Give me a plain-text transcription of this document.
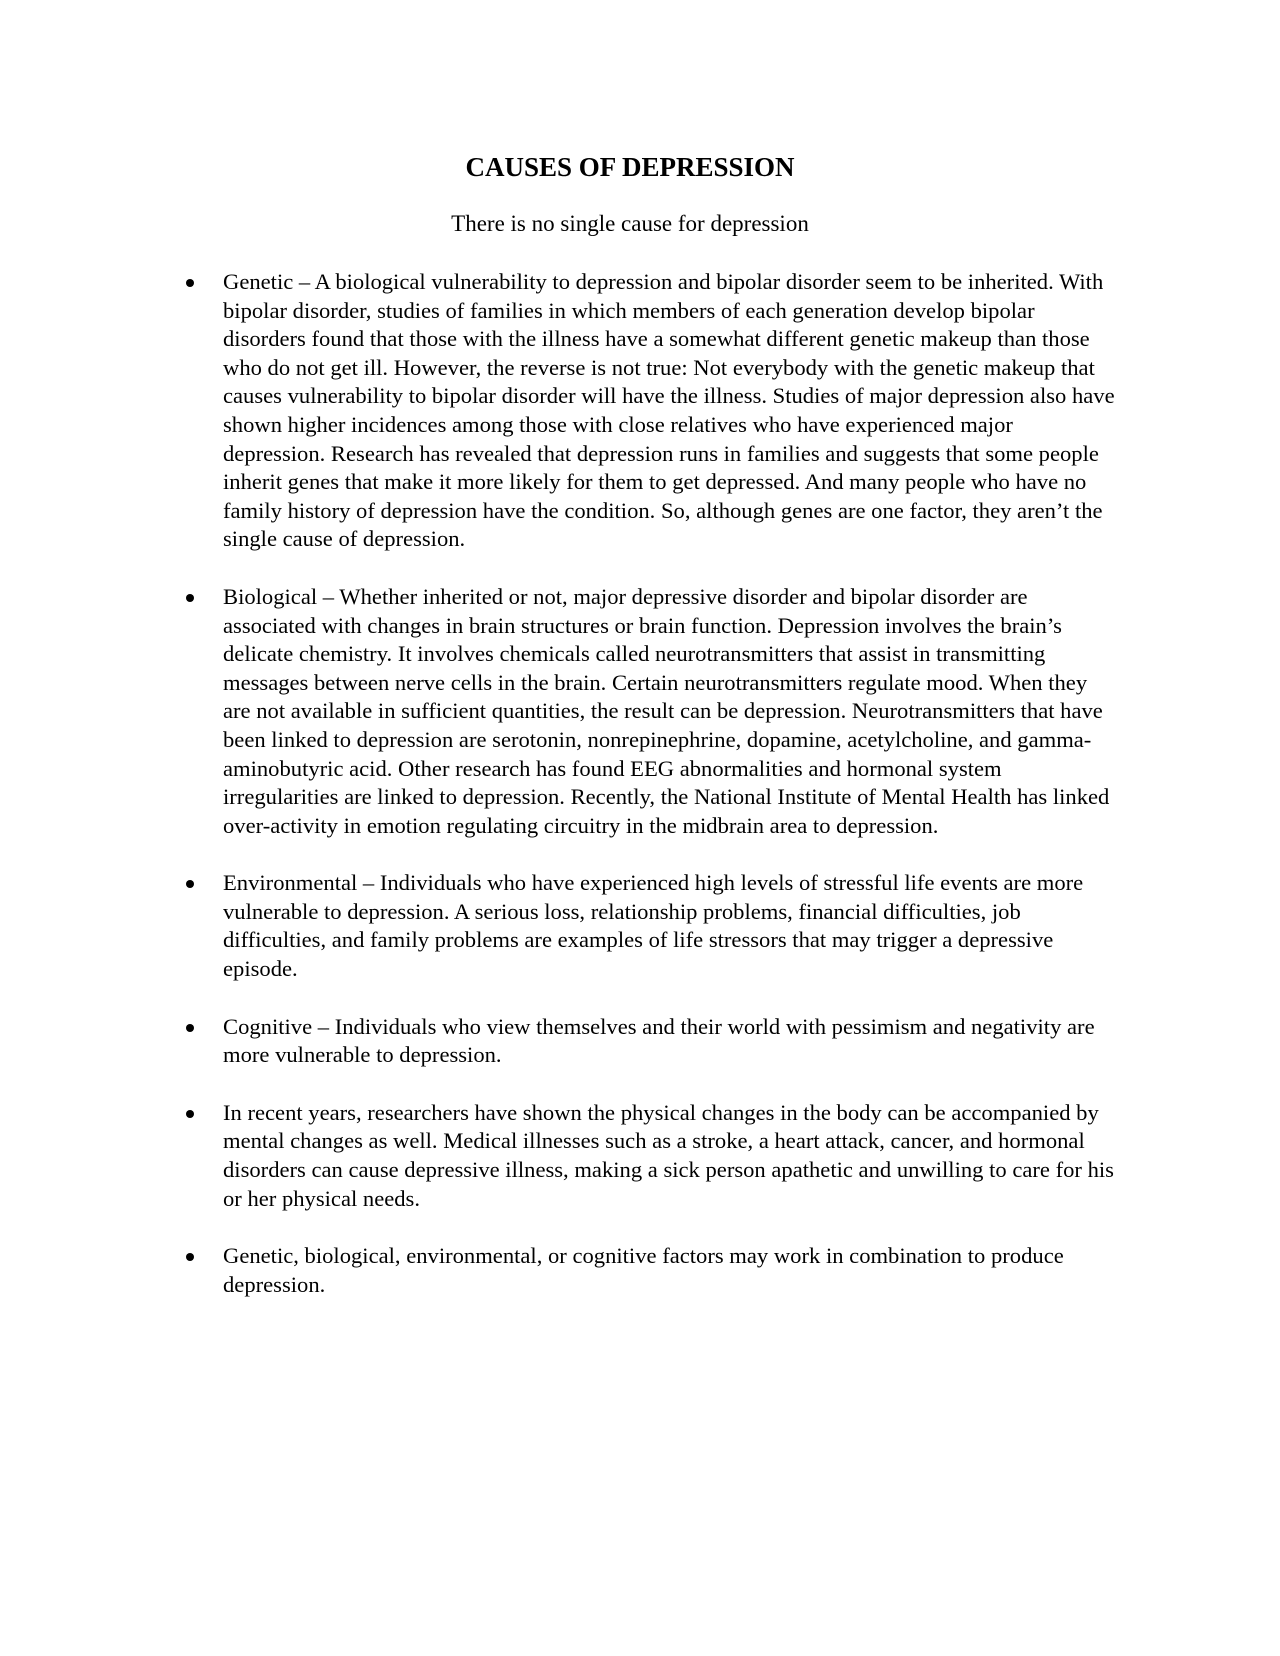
CAUSES OF DEPRESSION
There is no single cause for depression
Genetic – A biological vulnerability to depression and bipolar disorder seem to be inherited. With bipolar disorder, studies of families in which members of each generation develop bipolar disorders found that those with the illness have a somewhat different genetic makeup than those who do not get ill. However, the reverse is not true: Not everybody with the genetic makeup that causes vulnerability to bipolar disorder will have the illness. Studies of major depression also have shown higher incidences among those with close relatives who have experienced major depression. Research has revealed that depression runs in families and suggests that some people inherit genes that make it more likely for them to get depressed. And many people who have no family history of depression have the condition. So, although genes are one factor, they aren’t the single cause of depression.
Biological – Whether inherited or not, major depressive disorder and bipolar disorder are associated with changes in brain structures or brain function. Depression involves the brain’s delicate chemistry. It involves chemicals called neurotransmitters that assist in transmitting messages between nerve cells in the brain. Certain neurotransmitters regulate mood. When they are not available in sufficient quantities, the result can be depression. Neurotransmitters that have been linked to depression are serotonin, nonrepinephrine, dopamine, acetylcholine, and gamma-aminobutyric acid. Other research has found EEG abnormalities and hormonal system irregularities are linked to depression. Recently, the National Institute of Mental Health has linked over-activity in emotion regulating circuitry in the midbrain area to depression.
Environmental – Individuals who have experienced high levels of stressful life events are more vulnerable to depression. A serious loss, relationship problems, financial difficulties, job difficulties, and family problems are examples of life stressors that may trigger a depressive episode.
Cognitive – Individuals who view themselves and their world with pessimism and negativity are more vulnerable to depression.
In recent years, researchers have shown the physical changes in the body can be accompanied by mental changes as well. Medical illnesses such as a stroke, a heart attack, cancer, and hormonal disorders can cause depressive illness, making a sick person apathetic and unwilling to care for his or her physical needs.
Genetic, biological, environmental, or cognitive factors may work in combination to produce depression.
